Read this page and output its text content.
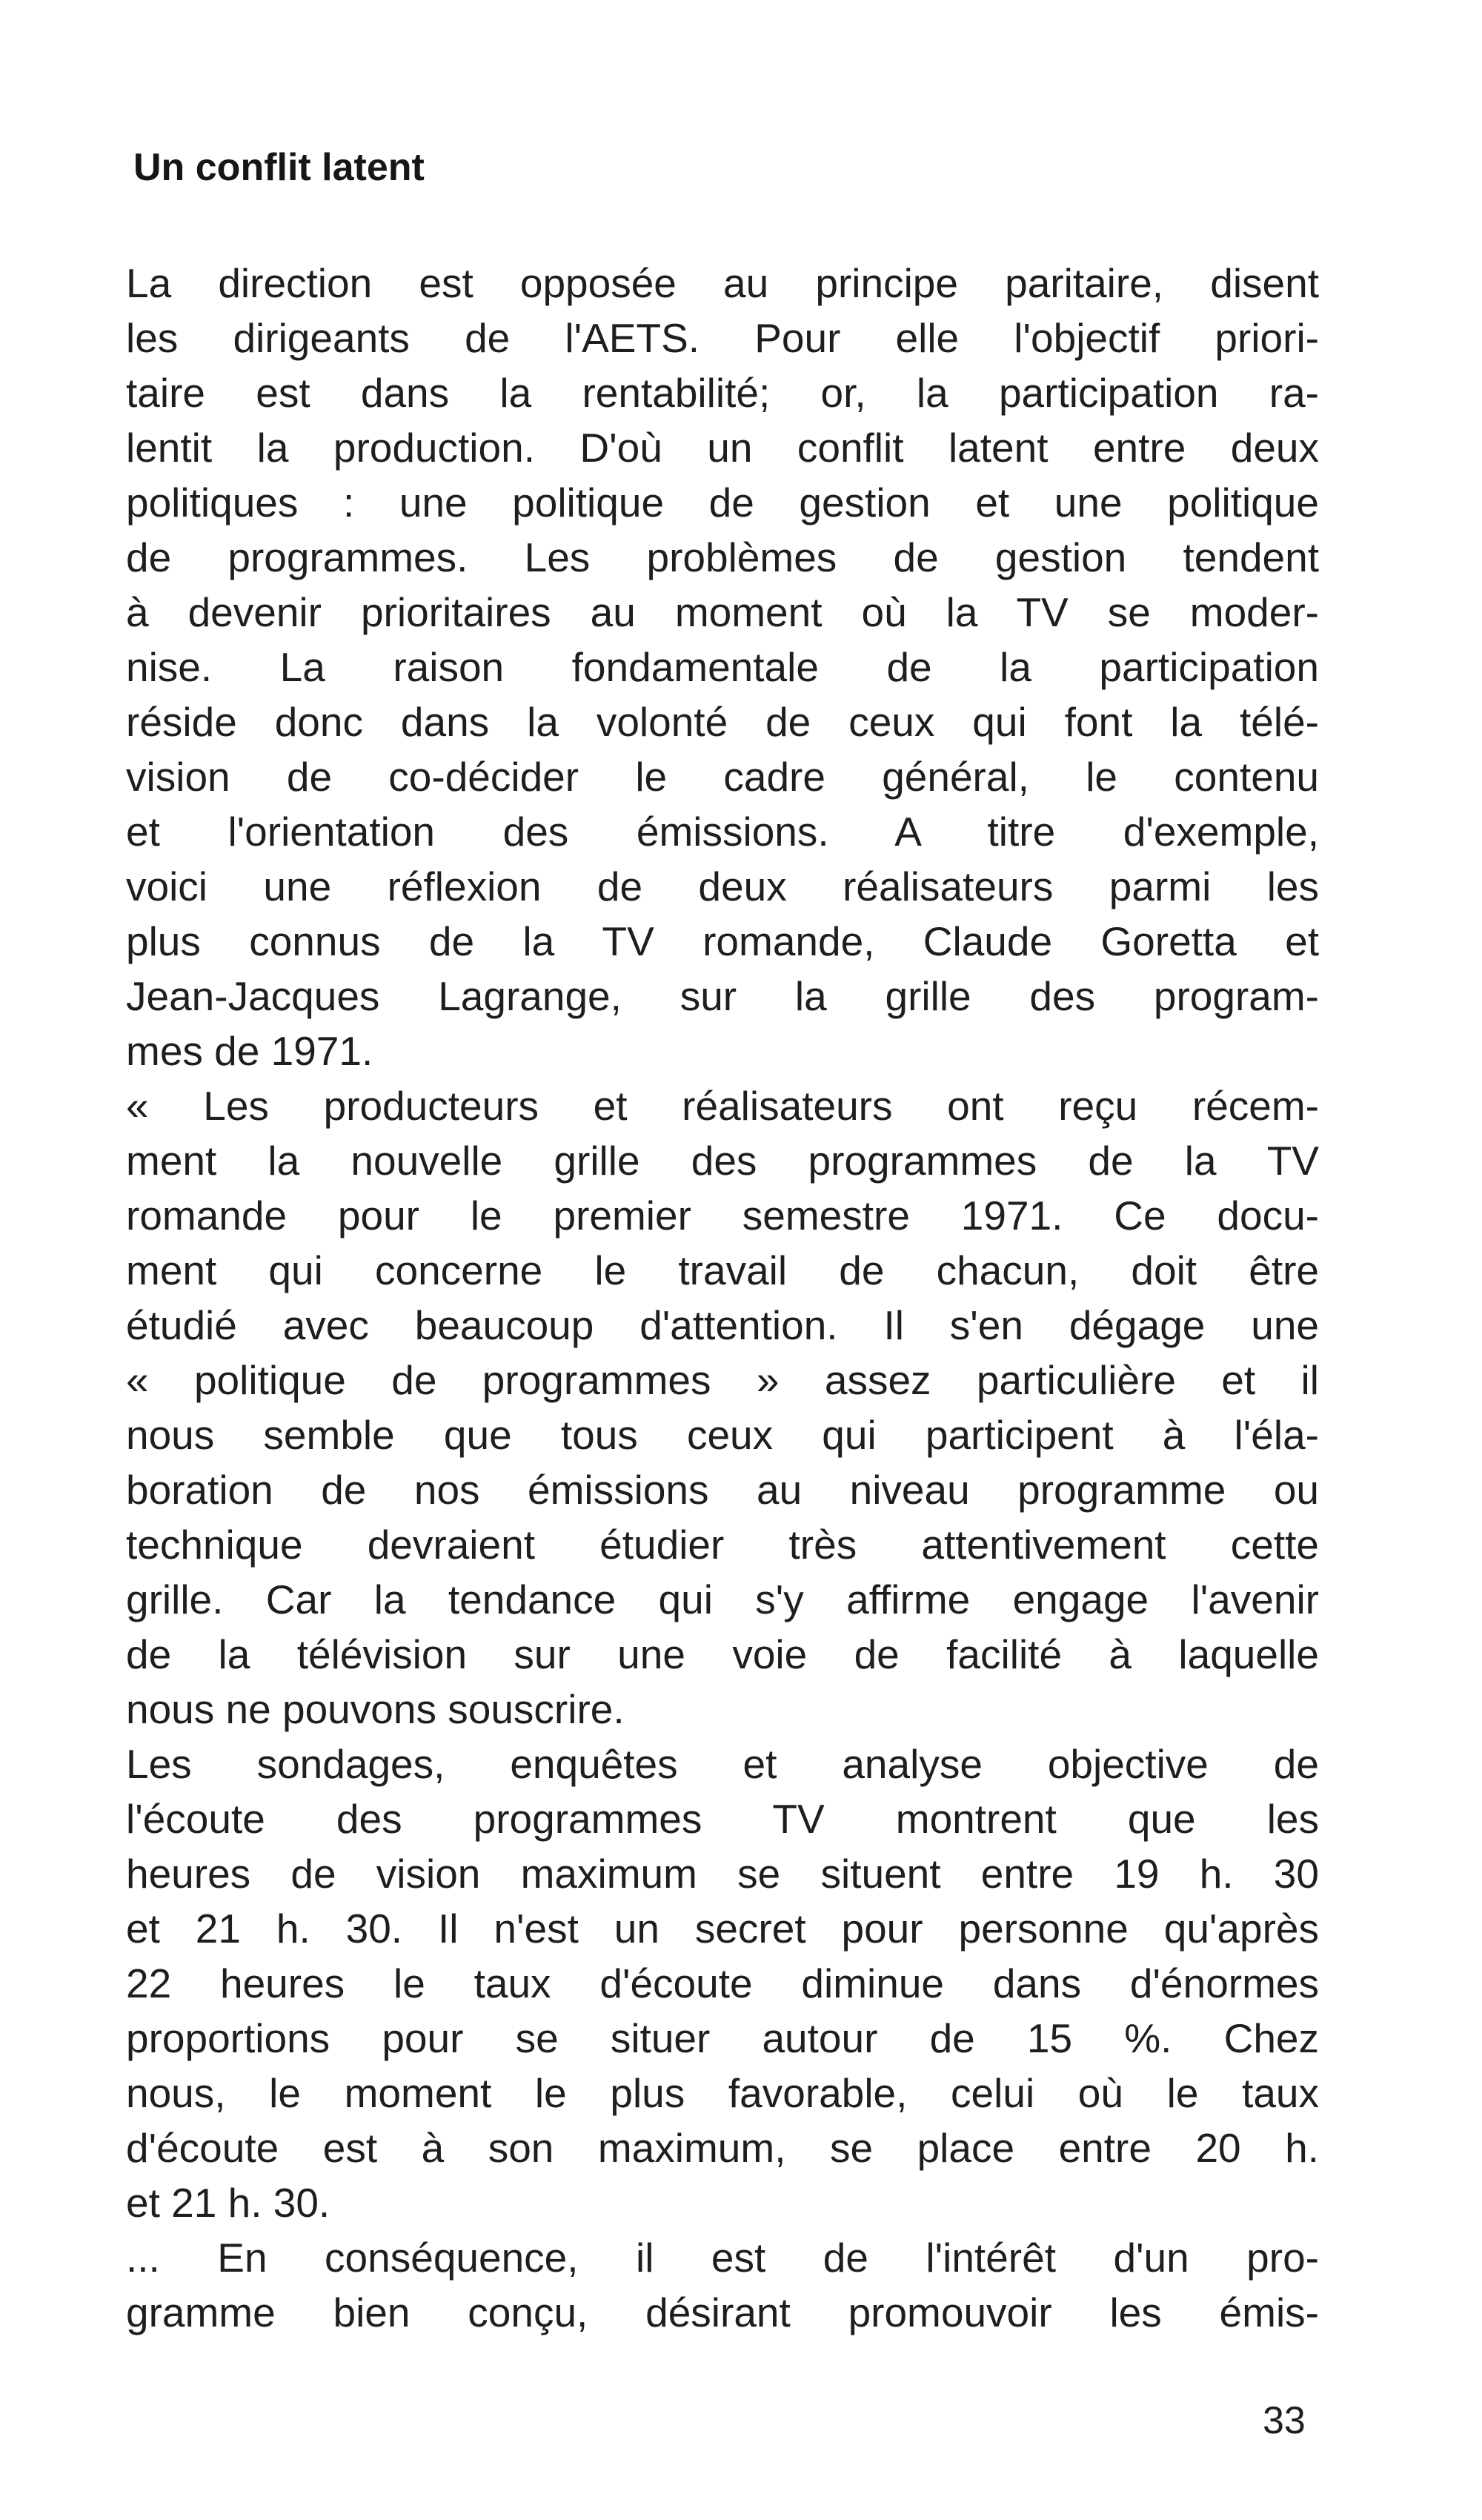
Un conflit latent
La direction est opposée au principe paritaire, disent
les dirigeants de l'AETS. Pour elle l'objectif priori-
taire est dans la rentabilité; or, la participation ra-
lentit la production. D'où un conflit latent entre deux
politiques : une politique de gestion et une politique
de programmes. Les problèmes de gestion tendent
à devenir prioritaires au moment où la TV se moder-
nise. La raison fondamentale de la participation
réside donc dans la volonté de ceux qui font la télé-
vision de co-décider le cadre général, le contenu
et l'orientation des émissions. A titre d'exemple,
voici une réflexion de deux réalisateurs parmi les
plus connus de la TV romande, Claude Goretta et
Jean-Jacques Lagrange, sur la grille des program-
mes de 1971.
« Les producteurs et réalisateurs ont reçu récem-
ment la nouvelle grille des programmes de la TV
romande pour le premier semestre 1971. Ce docu-
ment qui concerne le travail de chacun, doit être
étudié avec beaucoup d'attention. Il s'en dégage une
« politique de programmes » assez particulière et il
nous semble que tous ceux qui participent à l'éla-
boration de nos émissions au niveau programme ou
technique devraient étudier très attentivement cette
grille. Car la tendance qui s'y affirme engage l'avenir
de la télévision sur une voie de facilité à laquelle
nous ne pouvons souscrire.
Les sondages, enquêtes et analyse objective de
l'écoute des programmes TV montrent que les
heures de vision maximum se situent entre 19 h. 30
et 21 h. 30. Il n'est un secret pour personne qu'après
22 heures le taux d'écoute diminue dans d'énormes
proportions pour se situer autour de 15 %. Chez
nous, le moment le plus favorable, celui où le taux
d'écoute est à son maximum, se place entre 20 h.
et 21 h. 30.
... En conséquence, il est de l'intérêt d'un pro-
gramme bien conçu, désirant promouvoir les émis-
33
